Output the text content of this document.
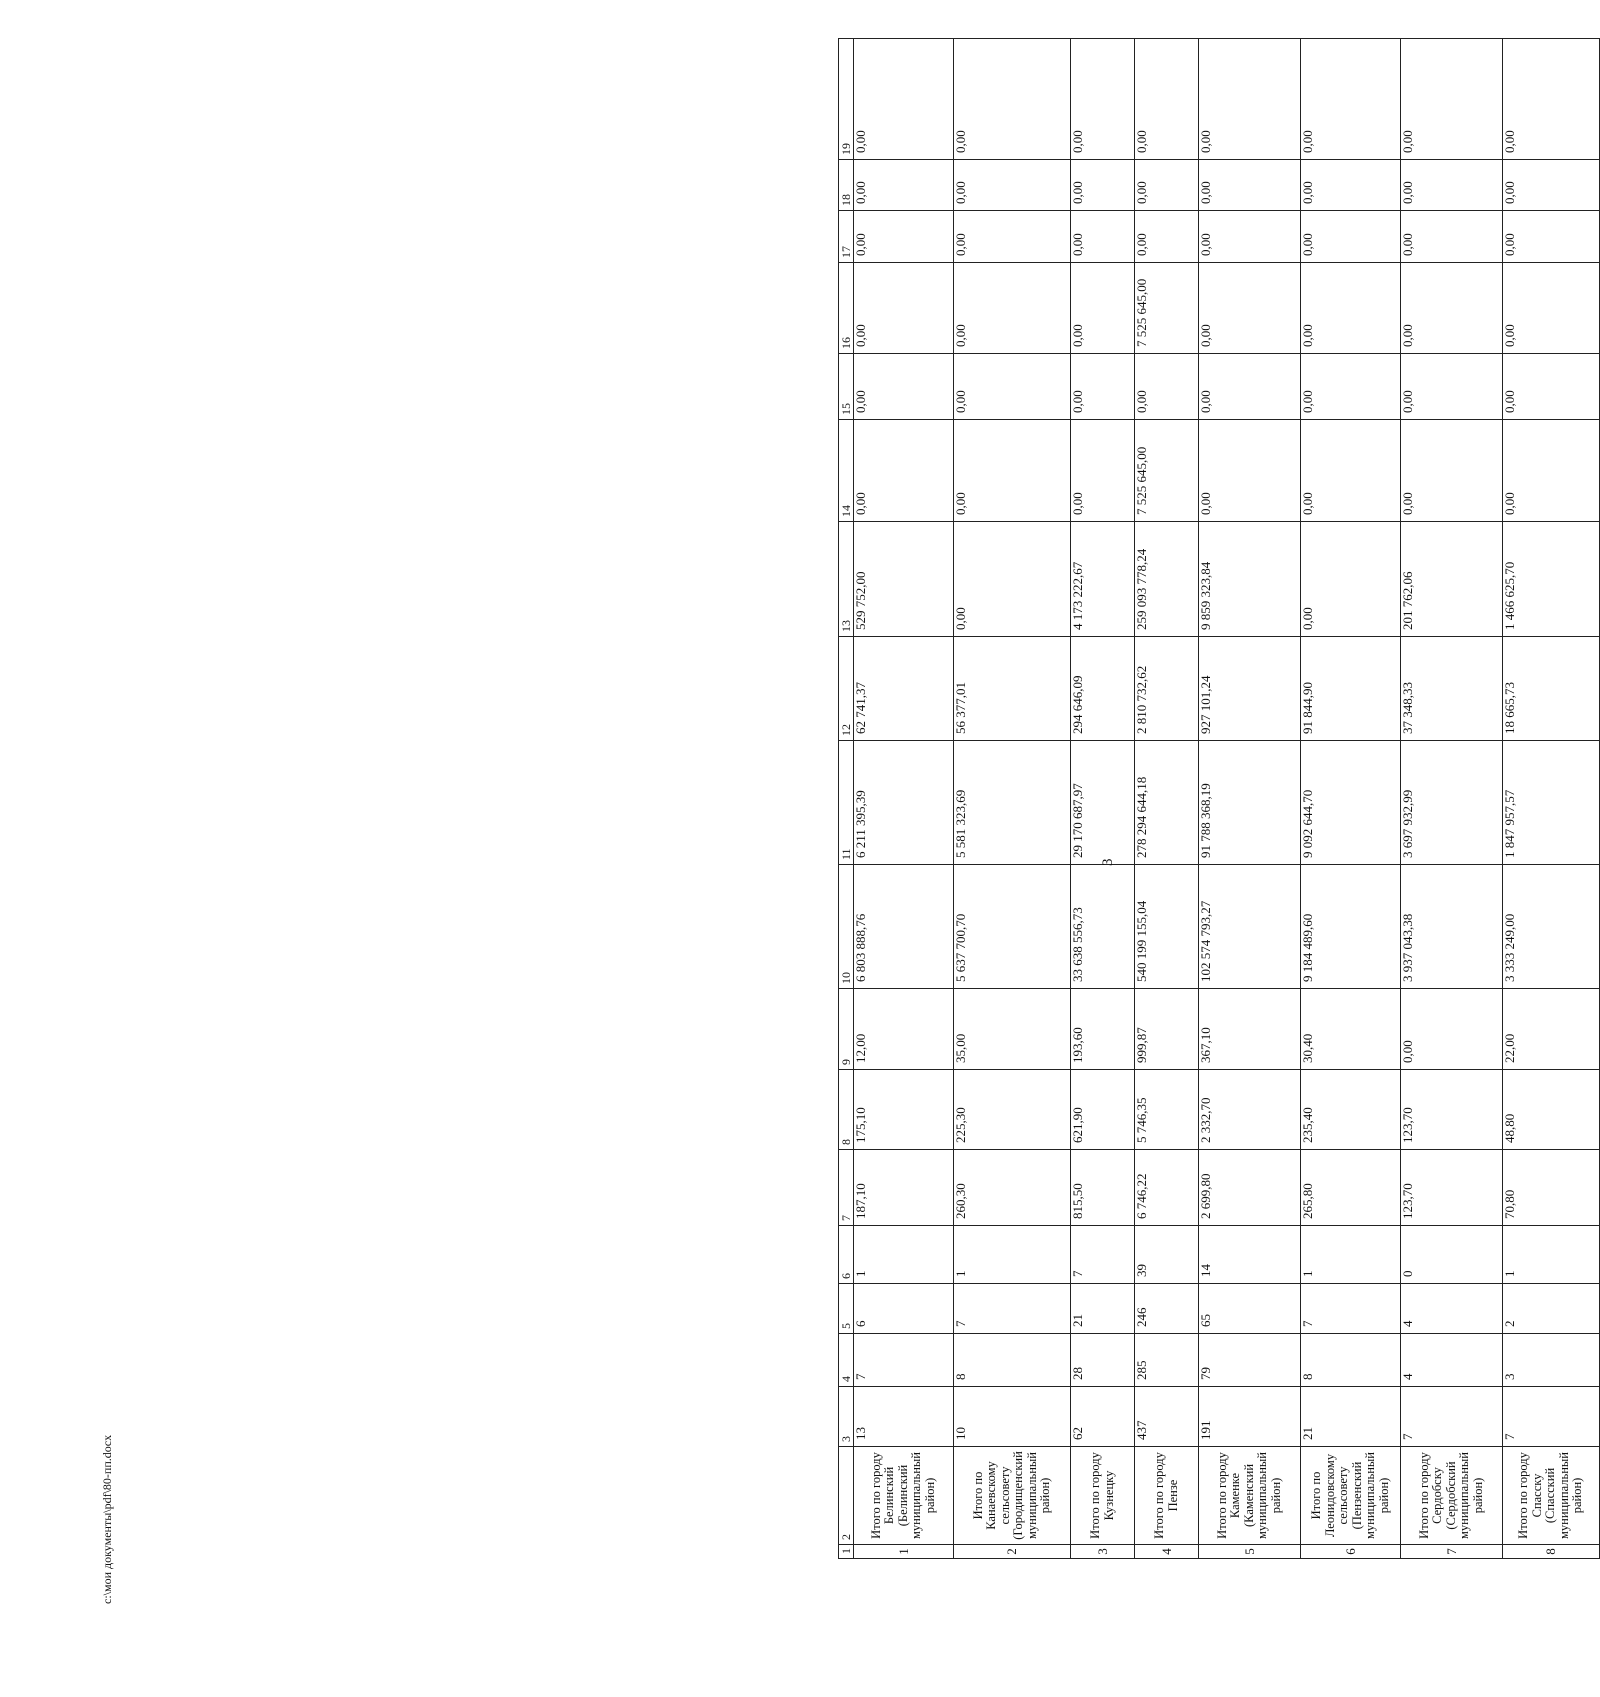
1	2	3	4	5	6	7	8	9	10	11	12	13	14	15	16	17	18	19
1	Итого по городу Белинский (Белинский муниципальный район)	13	7	6	1	187,10	175,10	12,00	6 803 888,76	6 211 395,39	62 741,37	529 752,00	0,00	0,00	0,00	0,00	0,00	0,00
2	Итого по Канаевскому сельсовету (Городищенский муниципальный район)	10	8	7	1	260,30	225,30	35,00	5 637 700,70	5 581 323,69	56 377,01	0,00	0,00	0,00	0,00	0,00	0,00	0,00
3	Итого по городу Кузнецку	62	28	21	7	815,50	621,90	193,60	33 638 556,73	29 170 687,97	294 646,09	4 173 222,67	0,00	0,00	0,00	0,00	0,00	0,00
4	Итого по городу Пензе	437	285	246	39	6 746,22	5 746,35	999,87	540 199 155,04	278 294 644,18	2 810 732,62	259 093 778,24	7 525 645,00	0,00	7 525 645,00	0,00	0,00	0,00
5	Итого по городу Каменке (Каменский муниципальный район)	191	79	65	14	2 699,80	2 332,70	367,10	102 574 793,27	91 788 368,19	927 101,24	9 859 323,84	0,00	0,00	0,00	0,00	0,00	0,00
6	Итого по Леонидовскому сельсовету (Пензенский муниципальный район)	21	8	7	1	265,80	235,40	30,40	9 184 489,60	9 092 644,70	91 844,90	0,00	0,00	0,00	0,00	0,00	0,00	0,00
7	Итого по городу Сердобску (Сердобский муниципальный район)	7	4	4	0	123,70	123,70	0,00	3 937 043,38	3 697 932,99	37 348,33	201 762,06	0,00	0,00	0,00	0,00	0,00	0,00
8	Итого по городу Спасску (Спасский муниципальный район)	7	3	2	1	70,80	48,80	22,00	3 333 249,00	1 847 957,57	18 665,73	1 466 625,70	0,00	0,00	0,00	0,00	0,00	0,00
3
c:\мои документы\pdf\80-пп.docx
